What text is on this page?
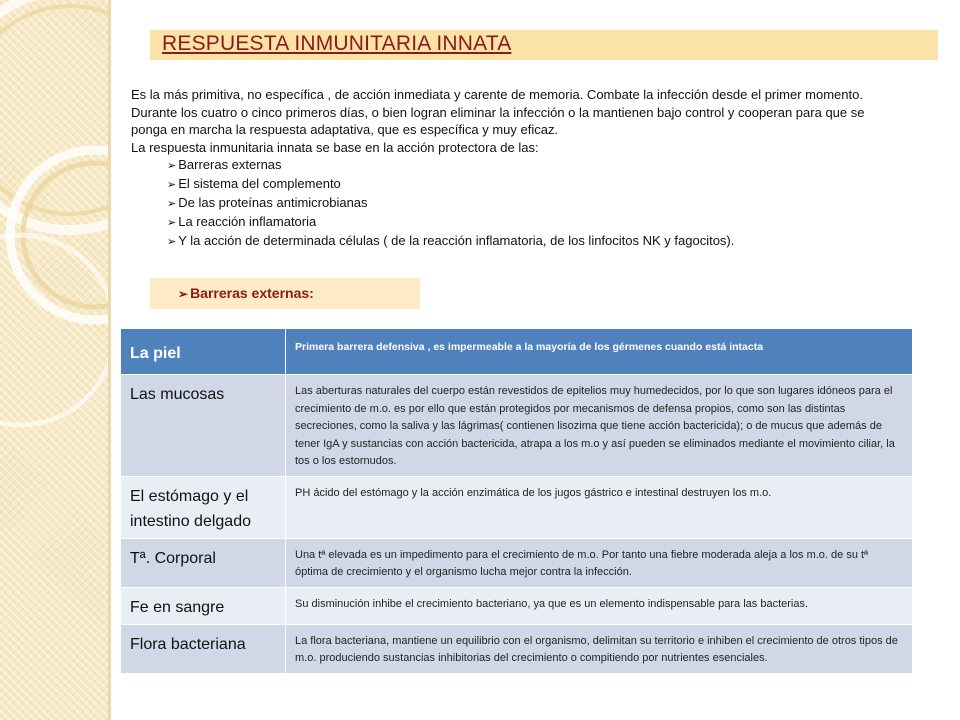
RESPUESTA INMUNITARIA INNATA

Es la más primitiva, no específica , de acción inmediata y carente de memoria. Combate la infección desde el primer momento. Durante los cuatro o cinco primeros días, o bien logran eliminar la infección o la mantienen bajo control y cooperan para que se ponga en marcha la respuesta adaptativa, que es específica y muy eficaz.

La respuesta inmunitaria innata se base en la acción protectora de las:

➢ Barreras externas
➢ El sistema del complemento
➢ De las proteínas antimicrobianas
➢ La reacción inflamatoria
➢ Y la acción de determinada células ( de la reacción inflamatoria, de los linfocitos NK y fagocitos).
➢ Barreras externas:
La piel	Primera barrera defensiva , es impermeable a la mayoría de los gérmenes cuando está intacta
Las mucosas	Las aberturas naturales del cuerpo están revestidos de epitelios muy humedecidos, por lo que son lugares idóneos para el crecimiento de m.o. es por ello que están protegidos por mecanismos de defensa propios, como son las distintas secreciones, como la saliva y las lágrimas( contienen lisozima que tiene acción bactericida); o de mucus que además de tener IgA y sustancias con acción bactericida, atrapa a los m.o y así pueden se eliminados mediante el movimiento ciliar, la tos o los estornudos.
El estómago y el intestino delgado	PH ácido del estómago y la acción enzimática de los jugos gástrico e intestinal destruyen los m.o.
Tª. Corporal	Una tª elevada es un impedimento para el crecimiento de m.o. Por tanto una fiebre moderada aleja a los m.o. de su tª óptima de crecimiento y el organismo lucha mejor contra la infección.
Fe en sangre	Su disminución inhibe el crecimiento bacteriano, ya que es un elemento indispensable para las bacterias.
Flora bacteriana	La flora bacteriana, mantiene un equilibrio con el organismo, delimitan su territorio e inhiben el crecimiento de otros tipos de m.o. produciendo sustancias inhibitorias del crecimiento o compitiendo por nutrientes esenciales.
